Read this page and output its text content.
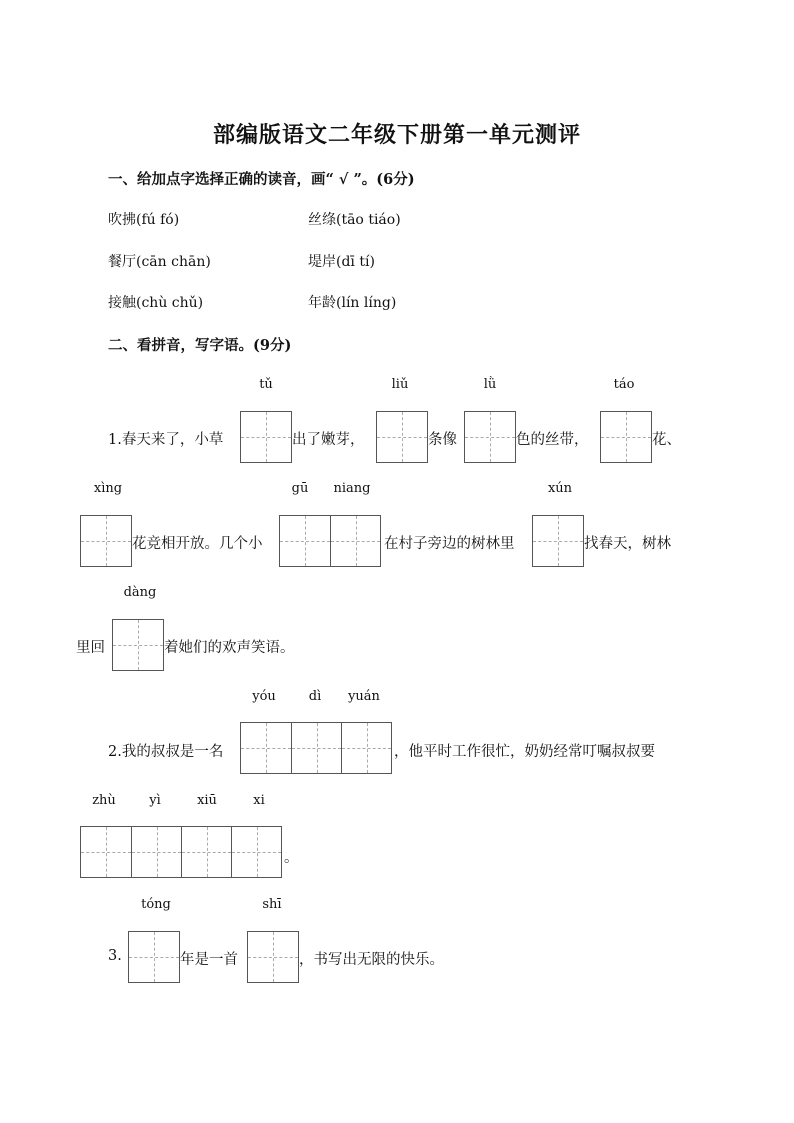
部编版语文二年级下册第一单元测评
一、给加点字选择正确的读音，画“ √ ”。(6分)
吹拂(fú fó)	丝绦(tāo tiáo)
餐厅(cān chān)	堤岸(dī tí)
接触(chù chǔ)	年龄(lín líng)
二、看拼音，写字语。(9分)
tǔ	liǔ	lǜ	táo
1.春天来了，小草	出了嫩芽，	条像	色的丝带，	花、
xìng	gū	niang	xún
花竞相开放。几个小	在村子旁边的树林里	找春天，树林
dàng
里回	着她们的欢声笑语。
yóu	dì	yuán
2.我的叔叔是一名	，他平时工作很忙，奶奶经常叮嘱叔叔要
zhù	yì	xiū	xi
。
tóng	shī
3.	年是一首	，书写出无限的快乐。
